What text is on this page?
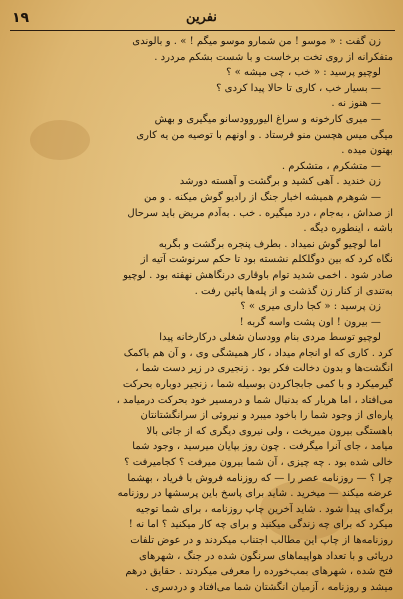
۱۹	نفرین
زن گفت : « موسو ! من شمارو موسو میگم ! » . و بالوندی
متفکرانه از روی تخت برخاست و با شست بشکم مردرد .
لوچیو پرسید : « خب ، چی میشه » ؟
— بسیار خب ، کاری تا حالا پیدا کردی ؟
— هنوز نه .
— میری کارخونه و سراغ الیوروودسانو میگیری و بهش
میگی میس هچسن منو فرستاد . و اونهم با توصیه من یه کاری
بهتون میده .
— متشکرم ، متشکرم .
زن خندید . آهی کشید و برگشت و آهسته دورشد
— شوهرم همیشه اخبار جنگ از رادیو گوش میکنه . و من
از صداش ، به‌جام ، درد میگیره . خب . به‌آدم مریض باید سرحال
باشه ، اینطوره دیگه .
اما لوچیو گوش نمیداد . بطرف پنجره برگشت و بگربه
نگاه کرد که بین دوگلکلم نشسته بود تا حکم سرنوشت آتیه از
صادر شود . اخمی شدید توام باوقاری درنگاهش نهفته بود . لوچیو
به‌تندی از کنار زن گذشت و از پله‌ها پائین رفت .
زن پرسید : « کجا داری میری » ؟
— بیرون ! اون پشت واسه گربه !
لوچیو توسط مردی بنام وودسان شغلی درکارخانه پیدا
کرد . کاری که او انجام میداد ، کار همیشگی وی ، و آن هم باکمک
انگشت‌ها و بدون دخالت فکر بود . زنجیری در زیر دست شما ،
گیرمیکرد و با کمی جابجاکردن بوسیله شما ، زنجیر دوباره بحرکت
می‌افتاد ، اما هربار که بدنبال شما و درمسیر خود بحرکت درمیامد ،
پاره‌ای از وجود شما را باخود میبرد و نیروئی از سرانگشتانتان
باهستگی بیرون میریخت ، ولی نیروی دیگری که از جائی بالا
میامد ، جای آنرا میگرفت . چون روز بپایان میرسید ، وجود شما
خالی شده بود . چه چیزی ، آن شما بیرون میرفت ؟ کجامیرفت ؟
چرا ؟ — روزنامه عصر را — که روزنامه فروش با فریاد ، بهشما
عرضه میکند — میخرید . شاید برای پاسخ باین پرسشها در روزنامه
برگه‌ای پیدا شود . شاید آخرین چاپ روزنامه ، برای شما توجیه
میکرد که برای چه زندگی میکنید و برای چه کار میکنید ؟ اما نه !
روزنامه‌ها از چاپ این مطالب اجتناب میکردند و در عوض تلفات
دریائی و با تعداد هواپیماهای سرنگون شده در جنگ ، شهرهای
فتح شده ، شهرهای بمب‌خورده را معرفی میکردند . حقایق درهم
میشد و روزنامه ، آزمیان انگشتان شما می‌افتاد و دردسری .
